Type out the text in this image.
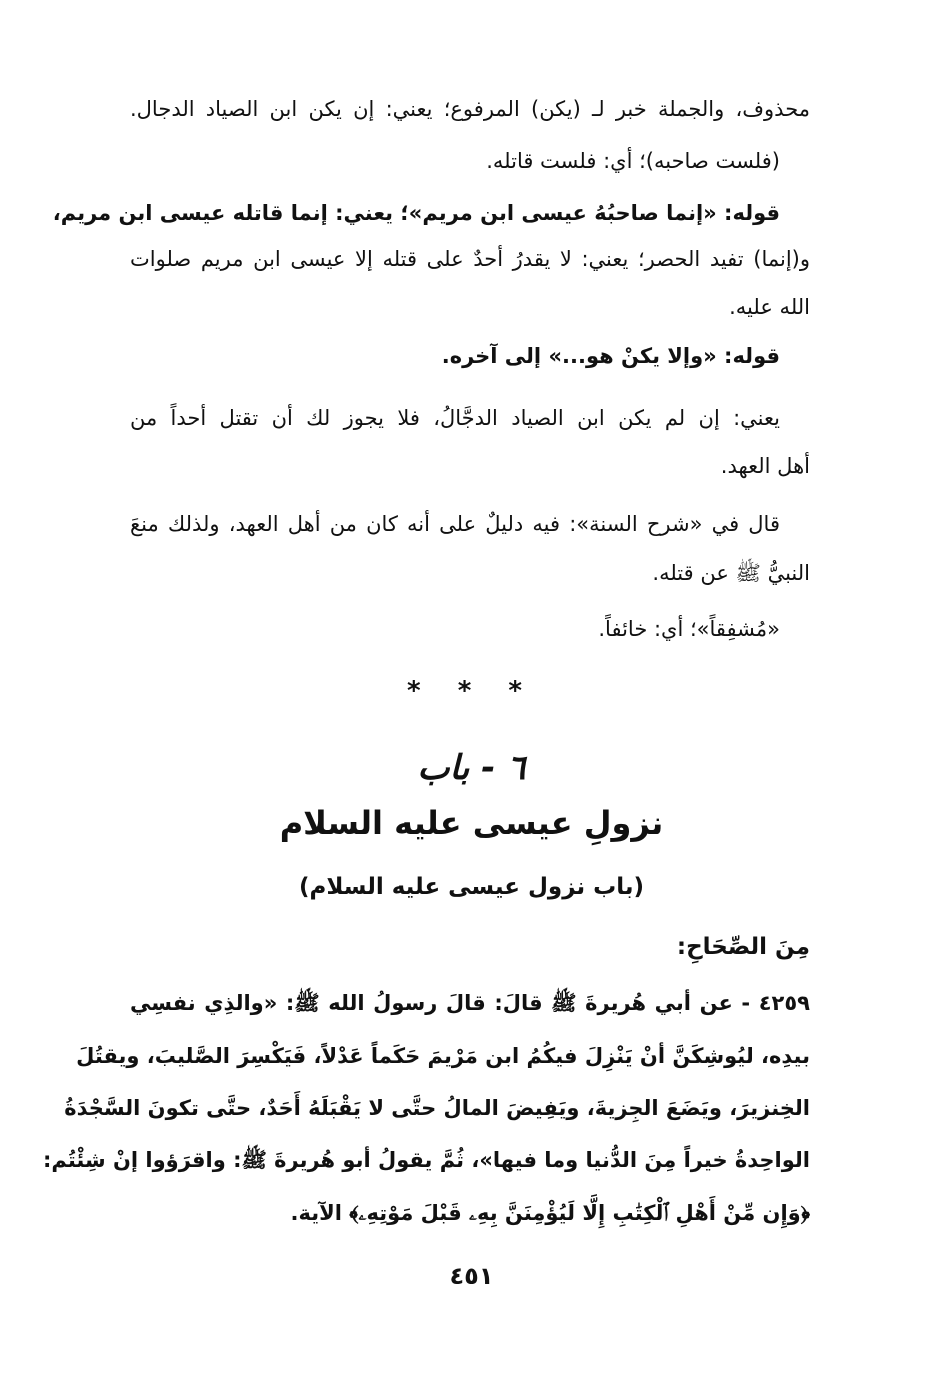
محذوف، والجملة خبر لـ (يكن) المرفوع؛ يعني: إن يكن ابن الصياد الدجال.
(فلست صاحبه)؛ أي: فلست قاتله.
قوله: «إنما صاحبُهُ عيسى ابن مريم»؛ يعني: إنما قاتله عيسى ابن مريم،
و(إنما) تفيد الحصر؛ يعني: لا يقدرُ أحدٌ على قتله إلا عيسى ابن مريم صلوات
الله عليه.
قوله: «وإلا يكنْ هو...» إلى آخره.
يعني: إن لم يكن ابن الصياد الدجَّالُ، فلا يجوز لك أن تقتل أحداً من
أهل العهد.
قال في «شرح السنة»: فيه دليلٌ على أنه كان من أهل العهد، ولذلك منعَ
النبيُّ ﷺ عن قتله.
«مُشفِقاً»؛ أي: خائفاً.
* * *
٦ - باب
نزولِ عيسى عليه السلام
(باب نزول عيسى عليه السلام)
مِنَ الصِّحَاحِ:
٤٢٥٩ - عن أبي هُريرةَ ﷺ قالَ: قالَ رسولُ الله ﷺ: «والذِي نفسِي
بيدِه، ليُوشِكَنَّ أنْ يَنْزِلَ فيكُمُ ابن مَرْيمَ حَكَماً عَدْلاً، فَيَكْسِرَ الصَّليبَ، ويقتُلَ
الخِنزيرَ، ويَضَعَ الجِزيةَ، ويَفِيضَ المالُ حتَّى لا يَقْبَلَهُ أَحَدٌ، حتَّى تكونَ السَّجْدَةُ
الواحِدةُ خيراً مِنَ الدُّنيا وما فيها»، ثُمَّ يقولُ أبو هُريرةَ ﷺ: واقرَؤوا إنْ شِئْتُم:
﴿وَإِن مِّنْ أَهْلِ ٱلْكِتَٰبِ إِلَّا لَيُؤْمِنَنَّ بِهِۦ قَبْلَ مَوْتِهِۦ﴾ الآية.
٤٥١
